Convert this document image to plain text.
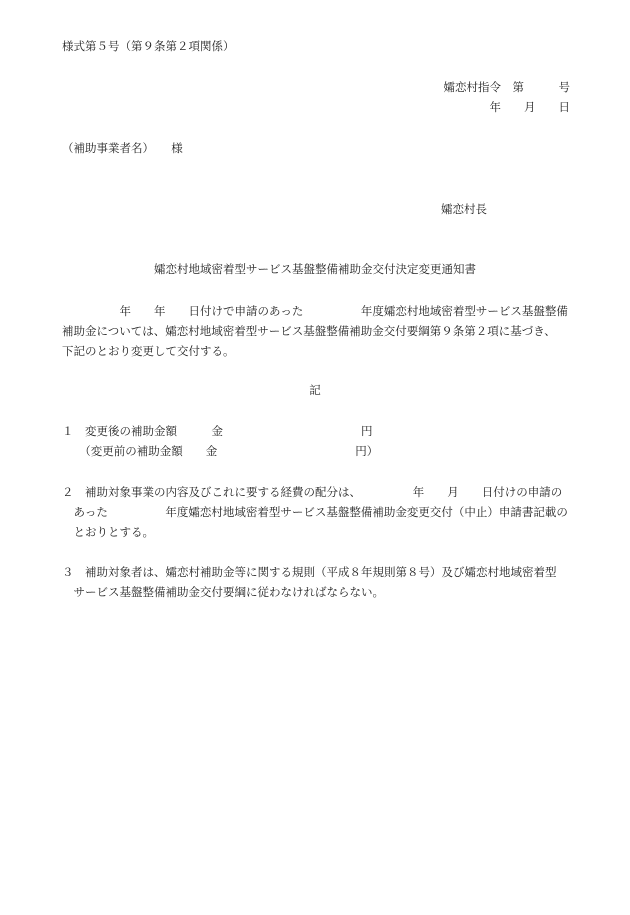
様式第５号（第９条第２項関係）
孀恋村指令　第　　　号
年　　月　　日
（補助事業者名）　　様
孀恋村長
孀恋村地域密着型サービス基盤整備補助金交付決定変更通知書
　　　　　年　　年　　日付けで申請のあった　　　　　年度孀恋村地域密着型サービス基盤整備
補助金については、孀恋村地域密着型サービス基盤整備補助金交付要綱第９条第２項に基づき、
下記のとおり変更して交付する。
記
１　変更後の補助金額　　　金　　　　　　　　　　　　円
　　（変更前の補助金額　　金　　　　　　　　　　　　円）
２　補助対象事業の内容及びこれに要する経費の配分は、　　　　　年　　月　　日付けの申請の
　あった　　　　　年度孀恋村地域密着型サービス基盤整備補助金変更交付（中止）申請書記載の
　とおりとする。
３　補助対象者は、孀恋村補助金等に関する規則（平成８年規則第８号）及び孀恋村地域密着型
　サービス基盤整備補助金交付要綱に従わなければならない。
